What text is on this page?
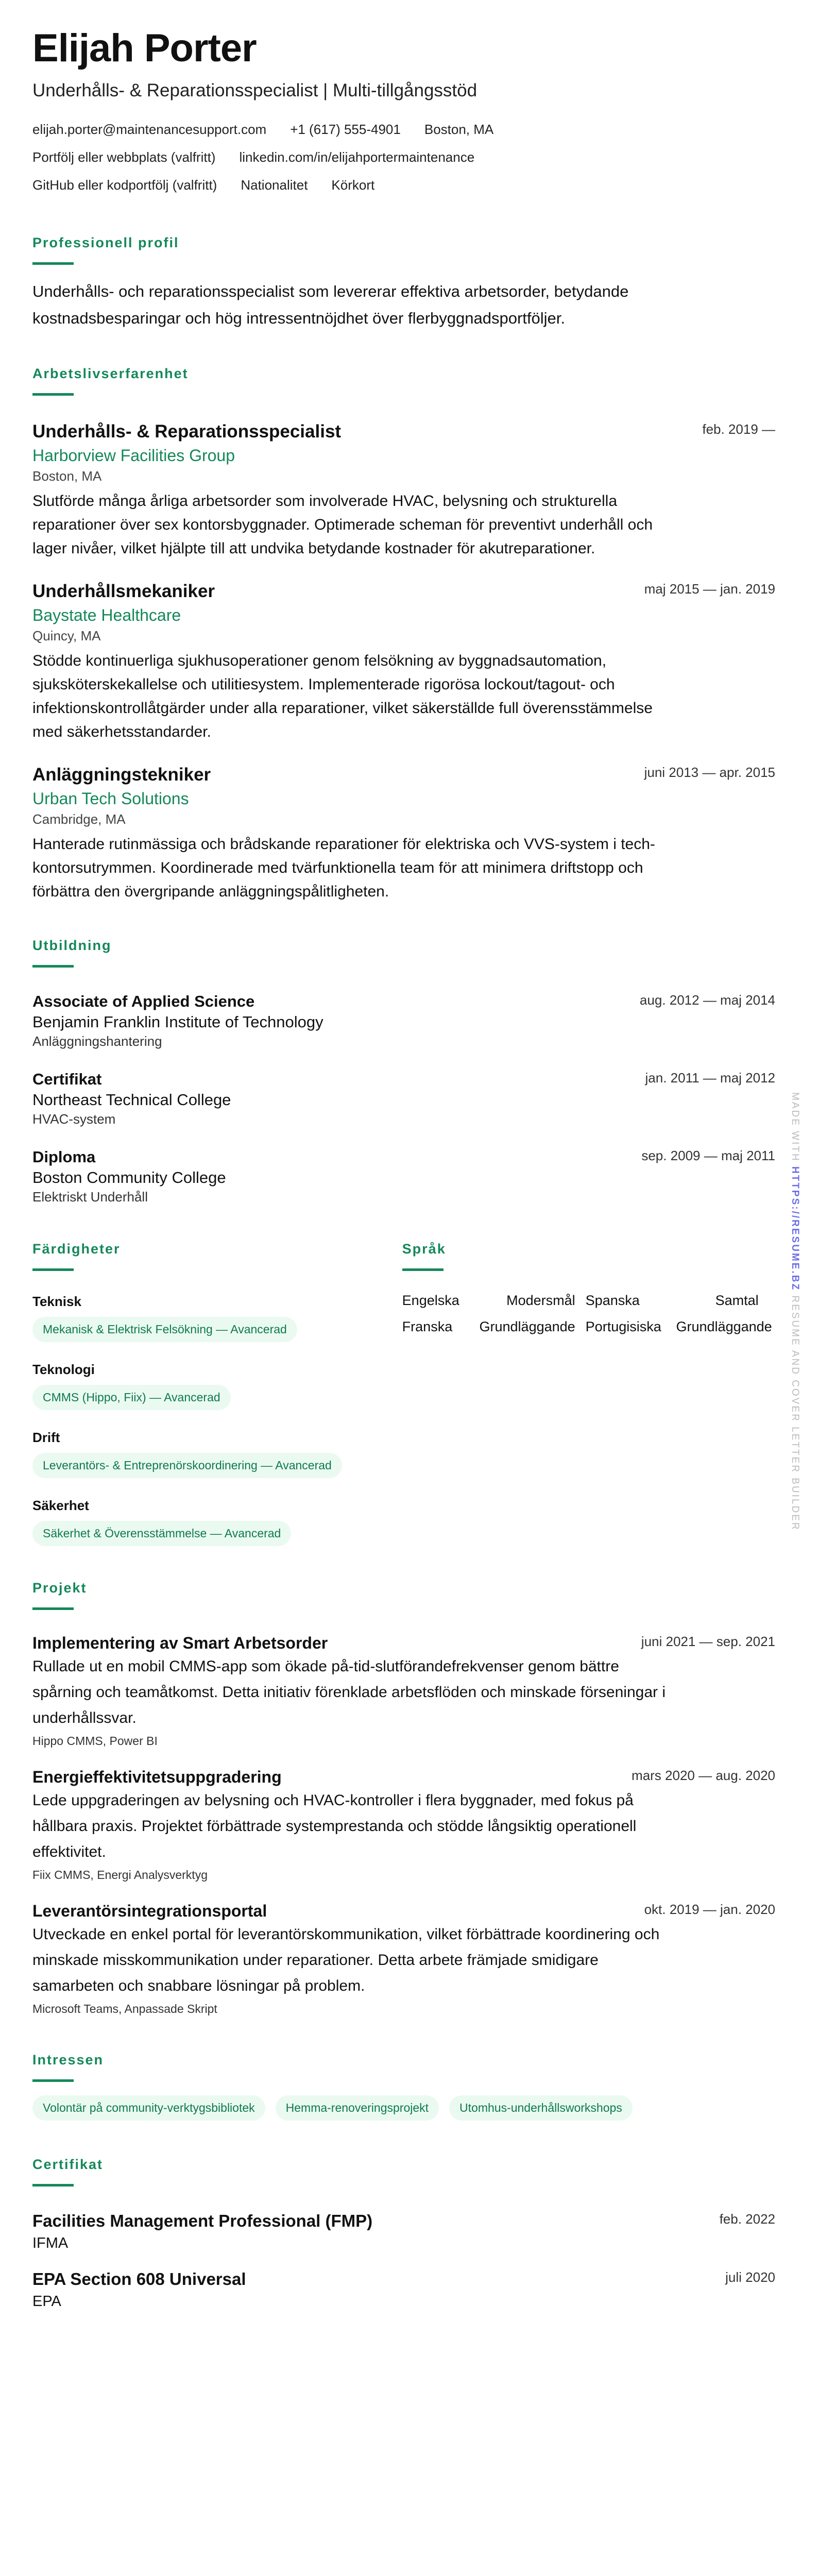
Elijah Porter
Underhålls- & Reparationsspecialist | Multi-tillgångsstöd
elijah.porter@maintenancesupport.com +1 (617) 555-4901 Boston, MA
Portfölj eller webbplats (valfritt) linkedin.com/in/elijahportermaintenance
GitHub eller kodportfölj (valfritt) Nationalitet Körkort
Professionell profil

Underhålls- och reparationsspecialist som levererar effektiva arbetsorder, betydande kostnadsbesparingar och hög intressentnöjdhet över flerbyggnadsportföljer.

Arbetslivserfarenhet
Underhålls- & Reparationsspecialist	feb. 2019 —
Harborview Facilities Group
Boston, MA
Slutförde många årliga arbetsorder som involverade HVAC, belysning och strukturella reparationer över sex kontorsbyggnader. Optimerade scheman för preventivt underhåll och lager nivåer, vilket hjälpte till att undvika betydande kostnader för akutreparationer.
Underhållsmekaniker	maj 2015 — jan. 2019
Baystate Healthcare
Quincy, MA
Stödde kontinuerliga sjukhusoperationer genom felsökning av byggnadsautomation, sjuksköterskekallelse och utilitiesystem. Implementerade rigorösa lockout/tagout- och infektionskontrollåtgärder under alla reparationer, vilket säkerställde full överensstämmelse med säkerhetsstandarder.
Anläggningstekniker	juni 2013 — apr. 2015
Urban Tech Solutions
Cambridge, MA
Hanterade rutinmässiga och brådskande reparationer för elektriska och VVS-system i tech-kontorsutrymmen. Koordinerade med tvärfunktionella team för att minimera driftstopp och förbättra den övergripande anläggningspålitligheten.
Utbildning
Associate of Applied Science	aug. 2012 — maj 2014
Benjamin Franklin Institute of Technology
Anläggningshantering
Certifikat	jan. 2011 — maj 2012
Northeast Technical College
HVAC-system
Diploma	sep. 2009 — maj 2011
Boston Community College
Elektriskt Underhåll
Färdigheter
Teknisk
Mekanisk & Elektrisk Felsökning — Avancerad
Teknologi
CMMS (Hippo, Fiix) — Avancerad
Drift
Leverantörs- & Entreprenörskoordinering — Avancerad
Säkerhet
Säkerhet & Överensstämmelse — Avancerad
Språk
Engelska	Modersmål Spanska	Samtal
Franska Grundläggande Portugisiska Grundläggande
Projekt
Implementering av Smart Arbetsorder	juni 2021 — sep. 2021
Rullade ut en mobil CMMS-app som ökade på-tid-slutförandefrekvenser genom bättre spårning och teamåtkomst. Detta initiativ förenklade arbetsflöden och minskade förseningar i underhållssvar.
Hippo CMMS, Power BI
Energieffektivitetsuppgradering	mars 2020 — aug. 2020
Lede uppgraderingen av belysning och HVAC-kontroller i flera byggnader, med fokus på hållbara praxis. Projektet förbättrade systemprestanda och stödde långsiktig operationell effektivitet.
Fiix CMMS, Energi Analysverktyg
Leverantörsintegrationsportal	okt. 2019 — jan. 2020
Utveckade en enkel portal för leverantörskommunikation, vilket förbättrade koordinering och minskade misskommunikation under reparationer. Detta arbete främjade smidigare samarbeten och snabbare lösningar på problem.
Microsoft Teams, Anpassade Skript
Intressen
Volontär på community-verktygsbibliotek	Hemma-renoveringsprojekt	Utomhus-underhållsworkshops
Certifikat
Facilities Management Professional (FMP)	feb. 2022
IFMA
EPA Section 608 Universal	juli 2020
EPA
MADE WITH HTTPS://RESUME.BZ RESUME AND COVER LETTER BUILDER
